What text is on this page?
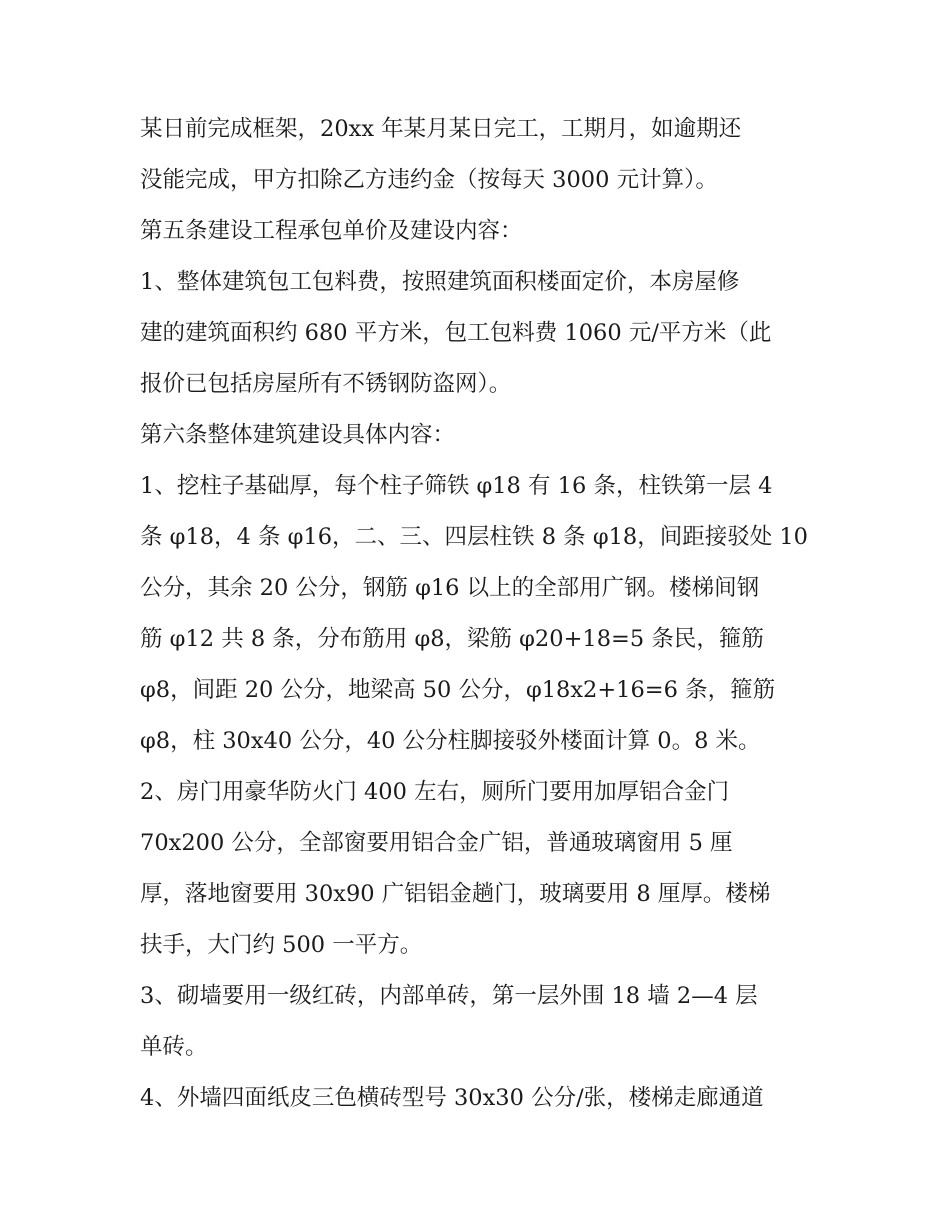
某日前完成框架，20xx 年某月某日完工，工期月，如逾期还
没能完成，甲方扣除乙方违约金（按每天 3000 元计算）。
第五条建设工程承包单价及建设内容：
1、整体建筑包工包料费，按照建筑面积楼面定价，本房屋修
建的建筑面积约 680 平方米，包工包料费 1060 元/平方米（此
报价已包括房屋所有不锈钢防盗网）。
第六条整体建筑建设具体内容：
1、挖柱子基础厚，每个柱子筛铁 φ18 有 16 条，柱铁第一层 4
条 φ18，4 条 φ16，二、三、四层柱铁 8 条 φ18，间距接驳处 10
公分，其余 20 公分，钢筋 φ16 以上的全部用广钢。楼梯间钢
筋 φ12 共 8 条，分布筋用 φ8，梁筋 φ20+18=5 条民，箍筋
φ8，间距 20 公分，地梁高 50 公分，φ18x2+16=6 条，箍筋
φ8，柱 30x40 公分，40 公分柱脚接驳外楼面计算 0。8 米。
2、房门用豪华防火门 400 左右，厕所门要用加厚铝合金门
70x200 公分，全部窗要用铝合金广铝，普通玻璃窗用 5 厘
厚，落地窗要用 30x90 广铝铝金趟门，玻璃要用 8 厘厚。楼梯
扶手，大门约 500 一平方。
3、砌墙要用一级红砖，内部单砖，第一层外围 18 墙 2—4 层
单砖。
4、外墙四面纸皮三色横砖型号 30x30 公分/张，楼梯走廊通道
